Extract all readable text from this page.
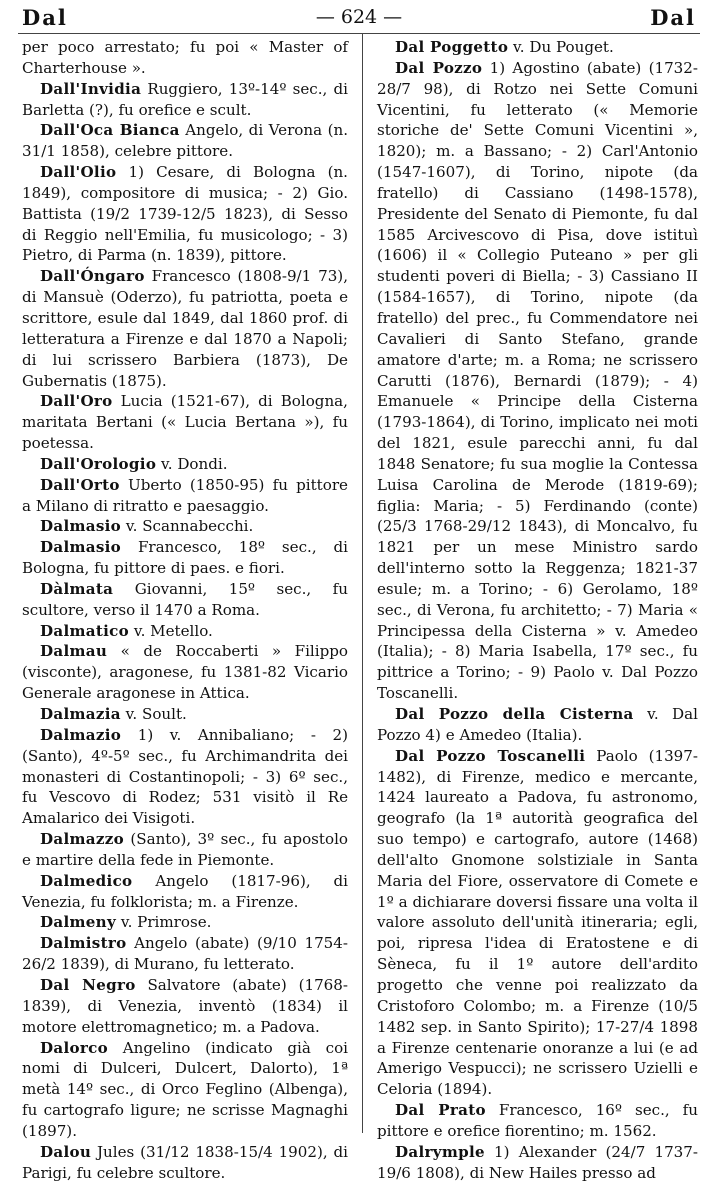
Dal	— 624 —	Dal

per poco arrestato; fu poi « Master of Charterhouse ».

Dall'Invidia Ruggiero, 13º-14º sec., di Barletta (?), fu orefice e scult.

Dall'Oca Bianca Angelo, di Verona (n. 31/1 1858), celebre pittore.

Dall'Olio 1) Cesare, di Bologna (n. 1849), compositore di musica; - 2) Gio. Battista (19/2 1739-12/5 1823), di Sesso di Reggio nell'Emilia, fu musicologo; - 3) Pietro, di Parma (n. 1839), pittore.

Dall'Óngaro Francesco (1808-9/1 73), di Mansuè (Oderzo), fu patriotta, poeta e scrittore, esule dal 1849, dal 1860 prof. di letteratura a Firenze e dal 1870 a Napoli; di lui scrissero Barbiera (1873), De Gubernatis (1875).

Dall'Oro Lucia (1521-67), di Bologna, maritata Bertani (« Lucia Bertana »), fu poetessa.

Dall'Orologio v. Dondi.

Dall'Orto Uberto (1850-95) fu pittore a Milano di ritratto e paesaggio.

Dalmasio v. Scannabecchi.

Dalmasio Francesco, 18º sec., di Bologna, fu pittore di paes. e fiori.

Dàlmata Giovanni, 15º sec., fu scultore, verso il 1470 a Roma.

Dalmatico v. Metello.

Dalmau « de Roccaberti » Filippo (visconte), aragonese, fu 1381-82 Vicario Generale aragonese in Attica.

Dalmazia v. Soult.

Dalmazio 1) v. Annibaliano; - 2) (Santo), 4º-5º sec., fu Archimandrita dei monasteri di Costantinopoli; - 3) 6º sec., fu Vescovo di Rodez; 531 visitò il Re Amalarico dei Visigoti.

Dalmazzo (Santo), 3º sec., fu apostolo e martire della fede in Piemonte.

Dalmedico Angelo (1817-96), di Venezia, fu folklorista; m. a Firenze.

Dalmeny v. Primrose.

Dalmistro Angelo (abate) (9/10 1754-26/2 1839), di Murano, fu letterato.

Dal Negro Salvatore (abate) (1768-1839), di Venezia, inventò (1834) il motore elettromagnetico; m. a Padova.

Dalorco Angelino (indicato già coi nomi di Dulceri, Dulcert, Dalorto), 1ª metà 14º sec., di Orco Feglino (Albenga), fu cartografo ligure; ne scrisse Magnaghi (1897).

Dalou Jules (31/12 1838-15/4 1902), di Parigi, fu celebre scultore.

Dal Poggetto v. Du Pouget.

Dal Pozzo 1) Agostino (abate) (1732-28/7 98), di Rotzo nei Sette Comuni Vicentini, fu letterato (« Memorie storiche de' Sette Comuni Vicentini », 1820); m. a Bassano; - 2) Carl'Antonio (1547-1607), di Torino, nipote (da fratello) di Cassiano (1498-1578), Presidente del Senato di Piemonte, fu dal 1585 Arcivescovo di Pisa, dove istituì (1606) il « Collegio Puteano » per gli studenti poveri di Biella; - 3) Cassiano II (1584-1657), di Torino, nipote (da fratello) del prec., fu Commendatore nei Cavalieri di Santo Stefano, grande amatore d'arte; m. a Roma; ne scrissero Carutti (1876), Bernardi (1879); - 4) Emanuele « Principe della Cisterna (1793-1864), di Torino, implicato nei moti del 1821, esule parecchi anni, fu dal 1848 Senatore; fu sua moglie la Contessa Luisa Carolina de Merode (1819-69); figlia: Maria; - 5) Ferdinando (conte) (25/3 1768-29/12 1843), di Moncalvo, fu 1821 per un mese Ministro sardo dell'interno sotto la Reggenza; 1821-37 esule; m. a Torino; - 6) Gerolamo, 18º sec., di Verona, fu architetto; - 7) Maria « Principessa della Cisterna » v. Amedeo (Italia); - 8) Maria Isabella, 17º sec., fu pittrice a Torino; - 9) Paolo v. Dal Pozzo Toscanelli.

Dal Pozzo della Cisterna v. Dal Pozzo 4) e Amedeo (Italia).

Dal Pozzo Toscanelli Paolo (1397-1482), di Firenze, medico e mercante, 1424 laureato a Padova, fu astronomo, geografo (la 1ª autorità geografica del suo tempo) e cartografo, autore (1468) dell'alto Gnomone solstiziale in Santa Maria del Fiore, osservatore di Comete e 1º a dichiarare doversi fissare una volta il valore assoluto dell'unità itineraria; egli, poi, ripresa l'idea di Eratostene e di Sèneca, fu il 1º autore dell'ardito progetto che venne poi realizzato da Cristoforo Colombo; m. a Firenze (10/5 1482 sep. in Santo Spirito); 17-27/4 1898 a Firenze centenarie onoranze a lui (e ad Amerigo Vespucci); ne scrissero Uzielli e Celoria (1894).

Dal Prato Francesco, 16º sec., fu pittore e orefice fiorentino; m. 1562.

Dalrymple 1) Alexander (24/7 1737-19/6 1808), di New Hailes presso ad
